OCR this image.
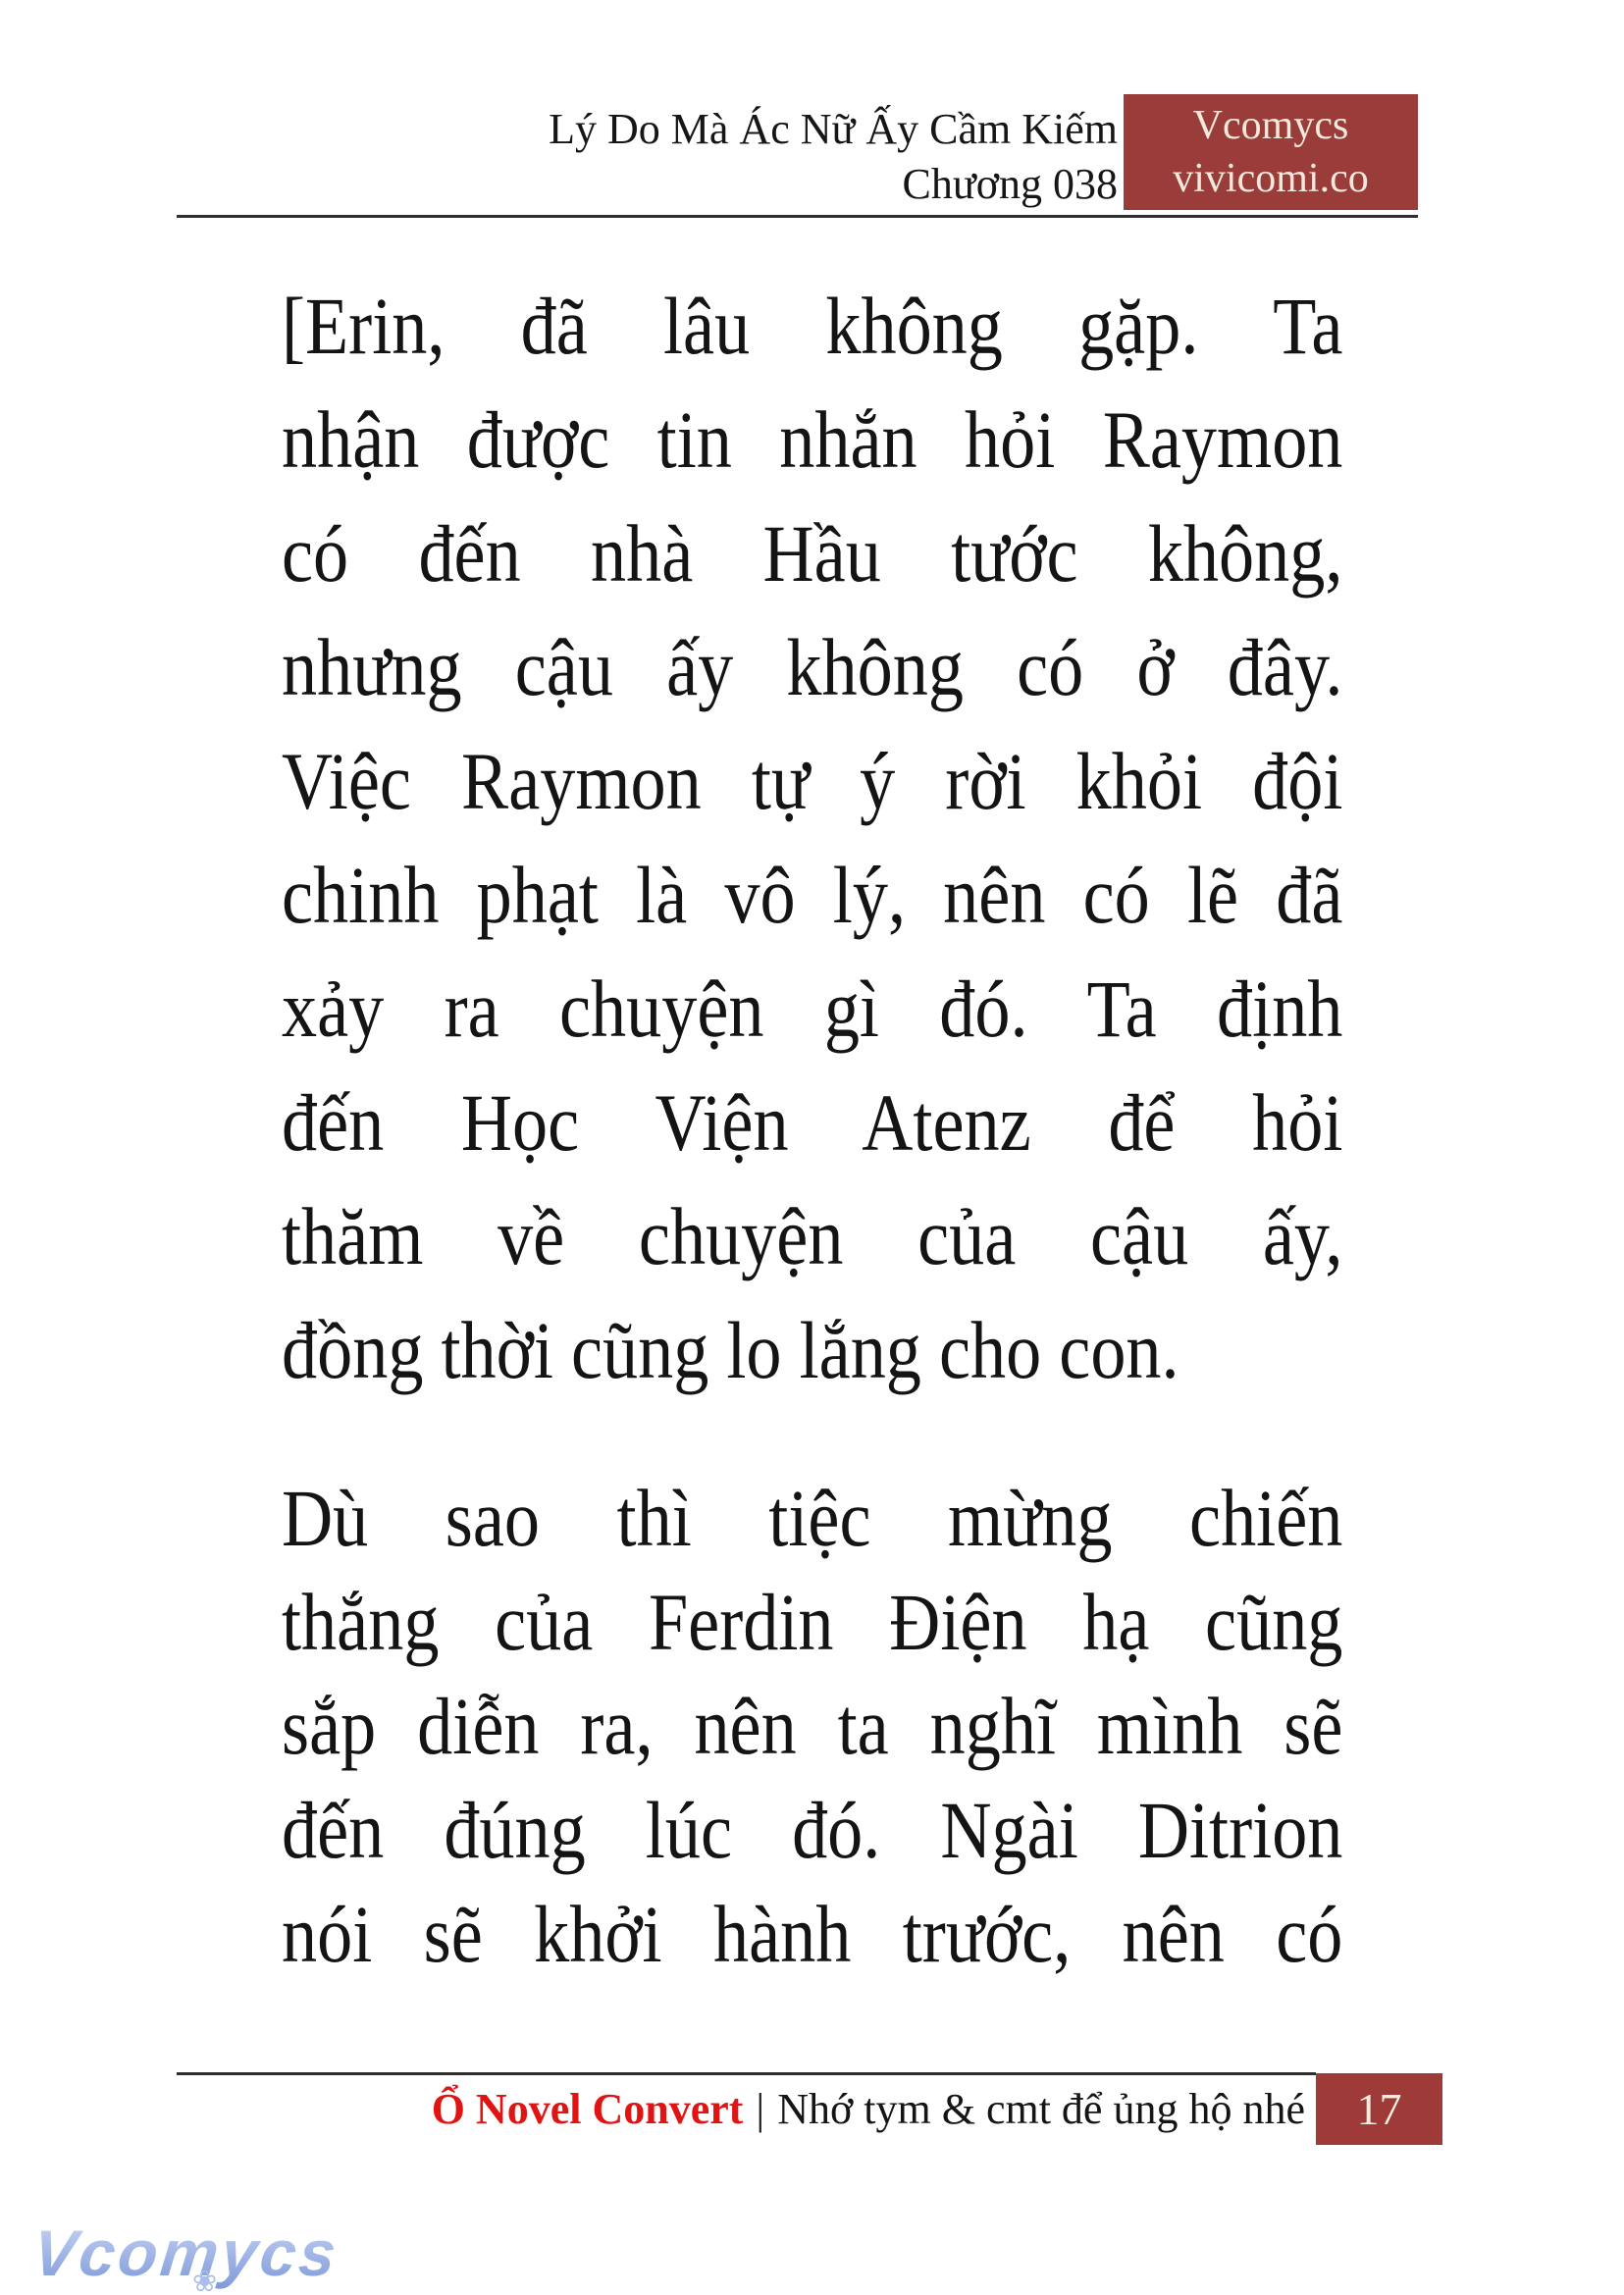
Lý Do Mà Ác Nữ Ấy Cầm Kiếm
Chương 038
Vcomycs
vivicomi.co
[Erin, đã lâu không gặp. Ta
nhận được tin nhắn hỏi Raymon
có đến nhà Hầu tước không,
nhưng cậu ấy không có ở đây.
Việc Raymon tự ý rời khỏi đội
chinh phạt là vô lý, nên có lẽ đã
xảy ra chuyện gì đó. Ta định
đến Học Viện Atenz để hỏi
thăm về chuyện của cậu ấy,
đồng thời cũng lo lắng cho con.
Dù sao thì tiệc mừng chiến
thắng của Ferdin Điện hạ cũng
sắp diễn ra, nên ta nghĩ mình sẽ
đến đúng lúc đó. Ngài Ditrion
nói sẽ khởi hành trước, nên có
Ổ Novel Convert | Nhớ tym & cmt để ủng hộ nhé	17
Vcomycs
❀
